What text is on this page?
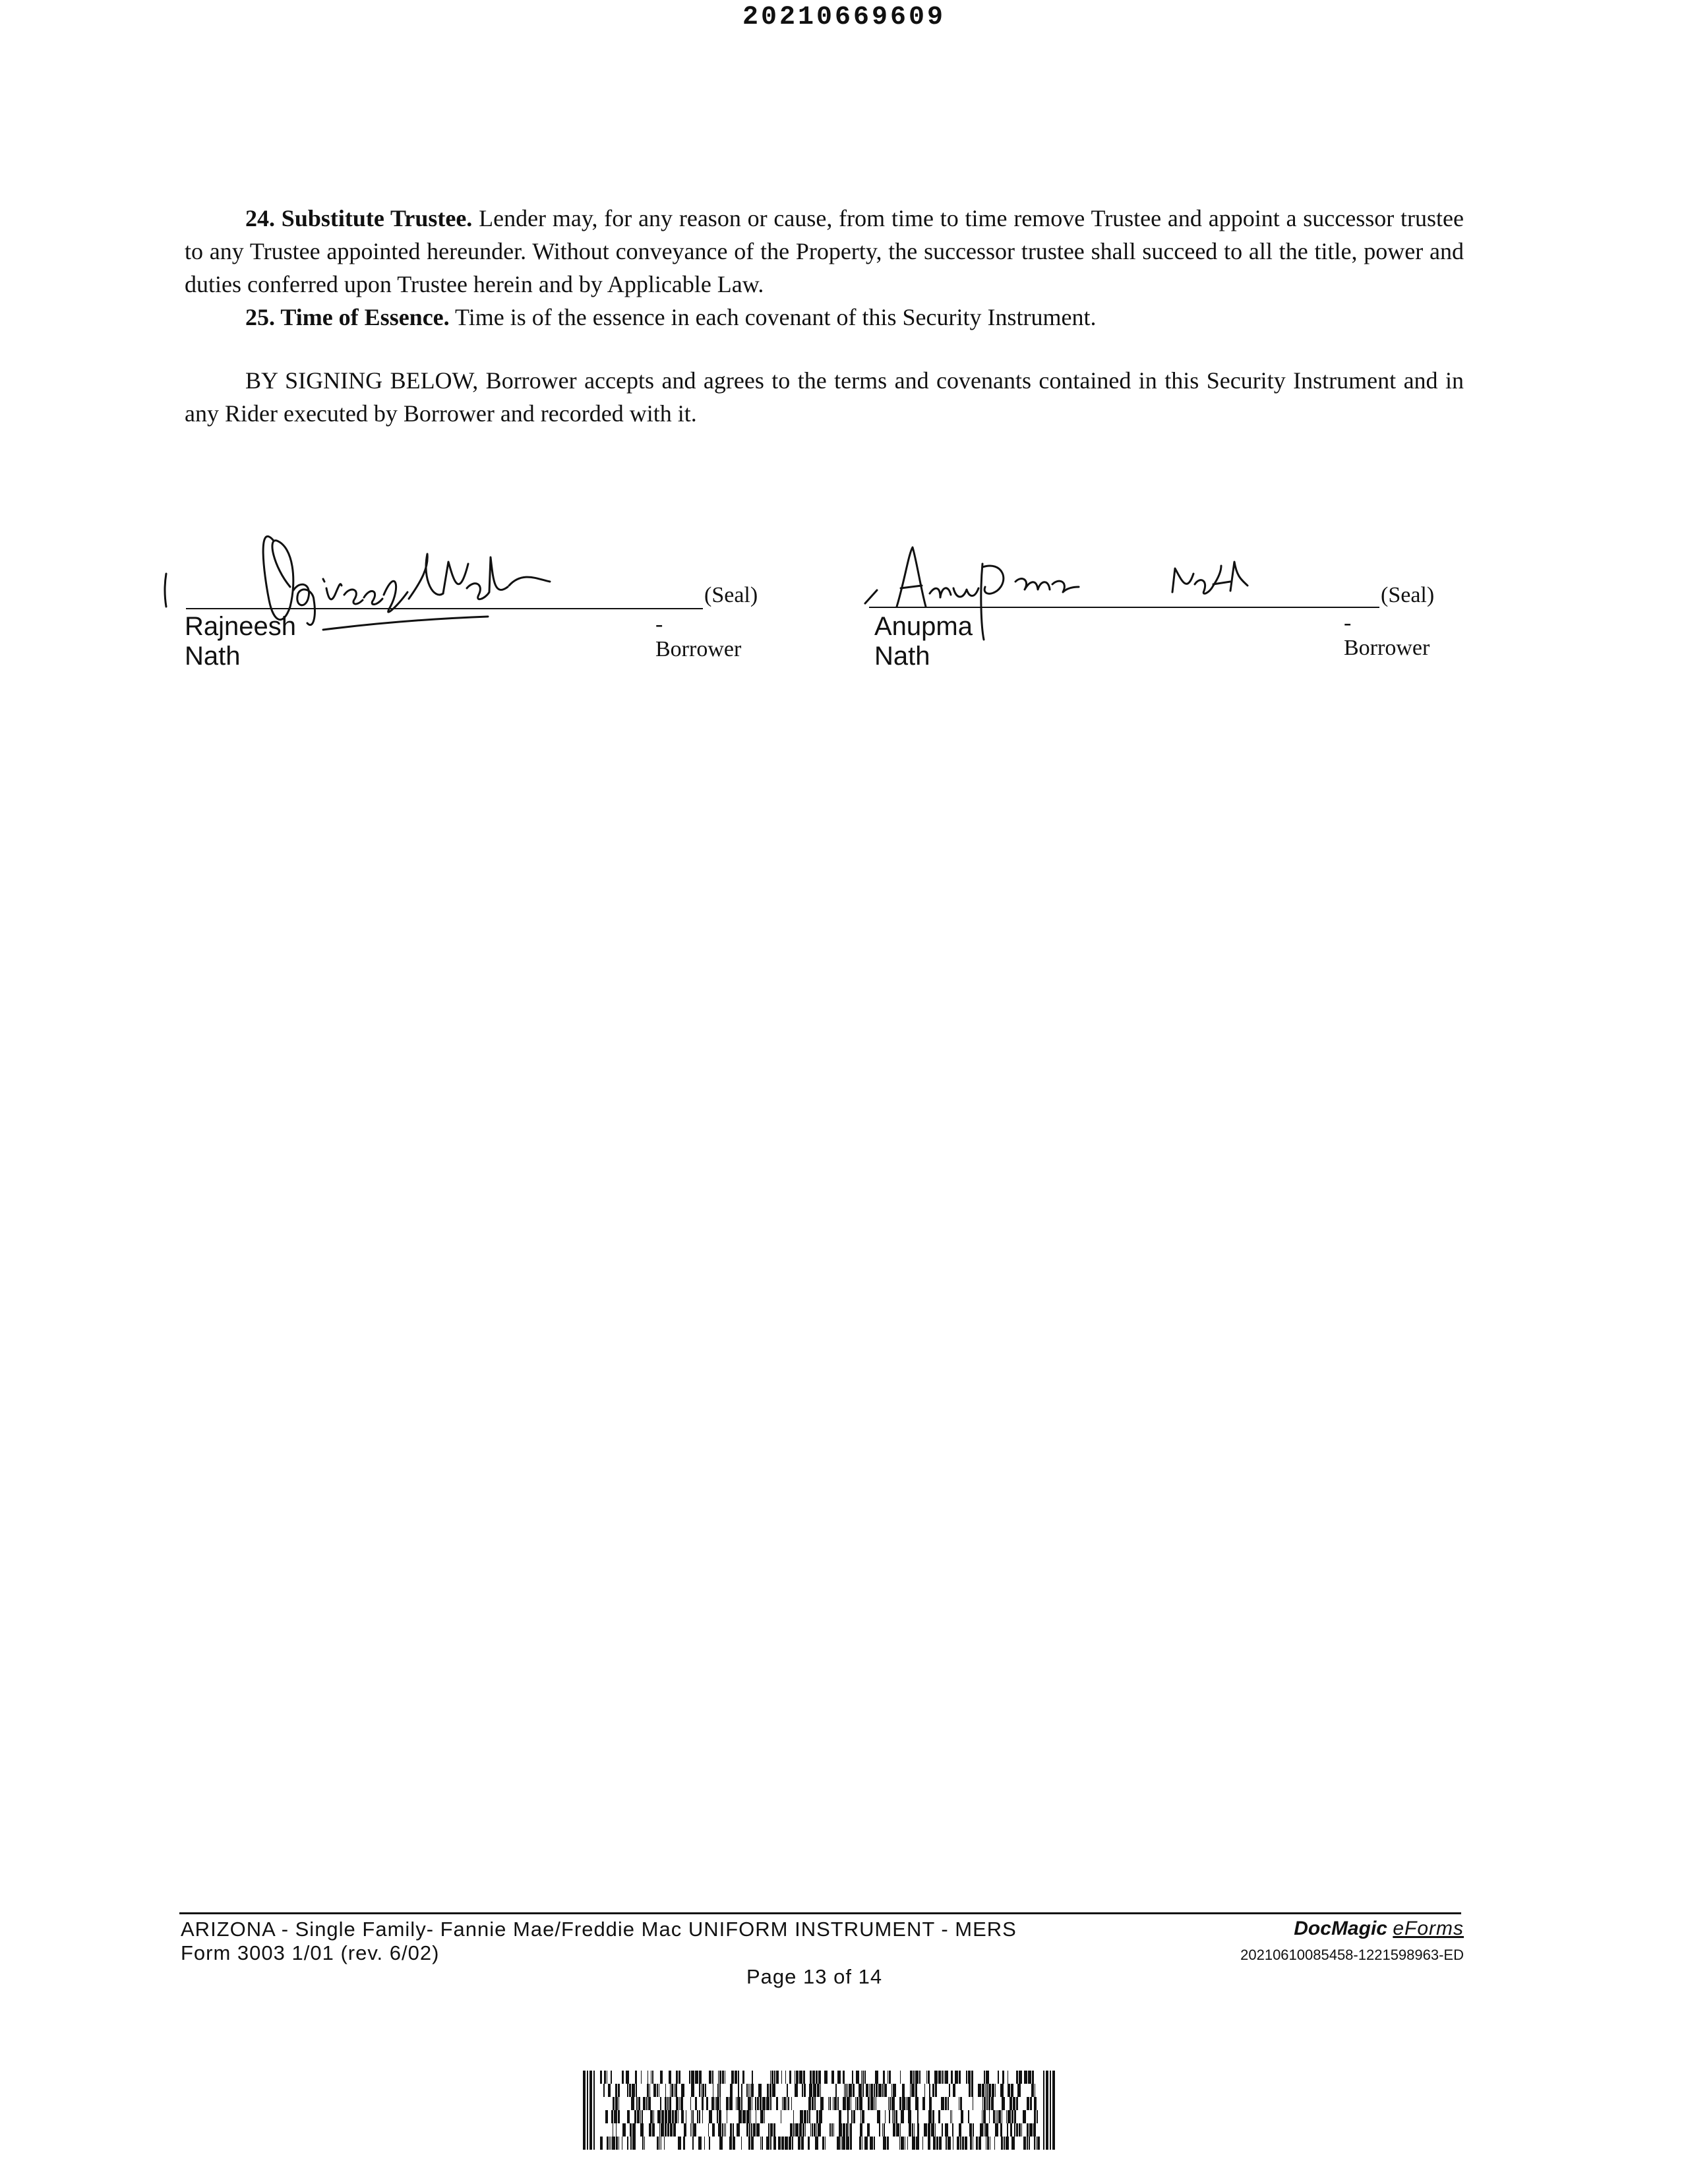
20210669609

24. Substitute Trustee. Lender may, for any reason or cause, from time to time remove Trustee and appoint a successor trustee to any Trustee appointed hereunder. Without conveyance of the Property, the successor trustee shall succeed to all the title, power and duties conferred upon Trustee herein and by Applicable Law.

25. Time of Essence. Time is of the essence in each covenant of this Security Instrument.

BY SIGNING BELOW, Borrower accepts and agrees to the terms and covenants contained in this Security Instrument and in any Rider executed by Borrower and recorded with it.

(Seal)
Rajneesh Nath
-Borrower
(Seal)
Anupma Nath
-Borrower
ARIZONA - Single Family- Fannie Mae/Freddie Mac UNIFORM INSTRUMENT - MERS
Form 3003 1/01 (rev. 6/02)
Page 13 of 14
DocMagic eForms
20210610085458-1221598963-ED
